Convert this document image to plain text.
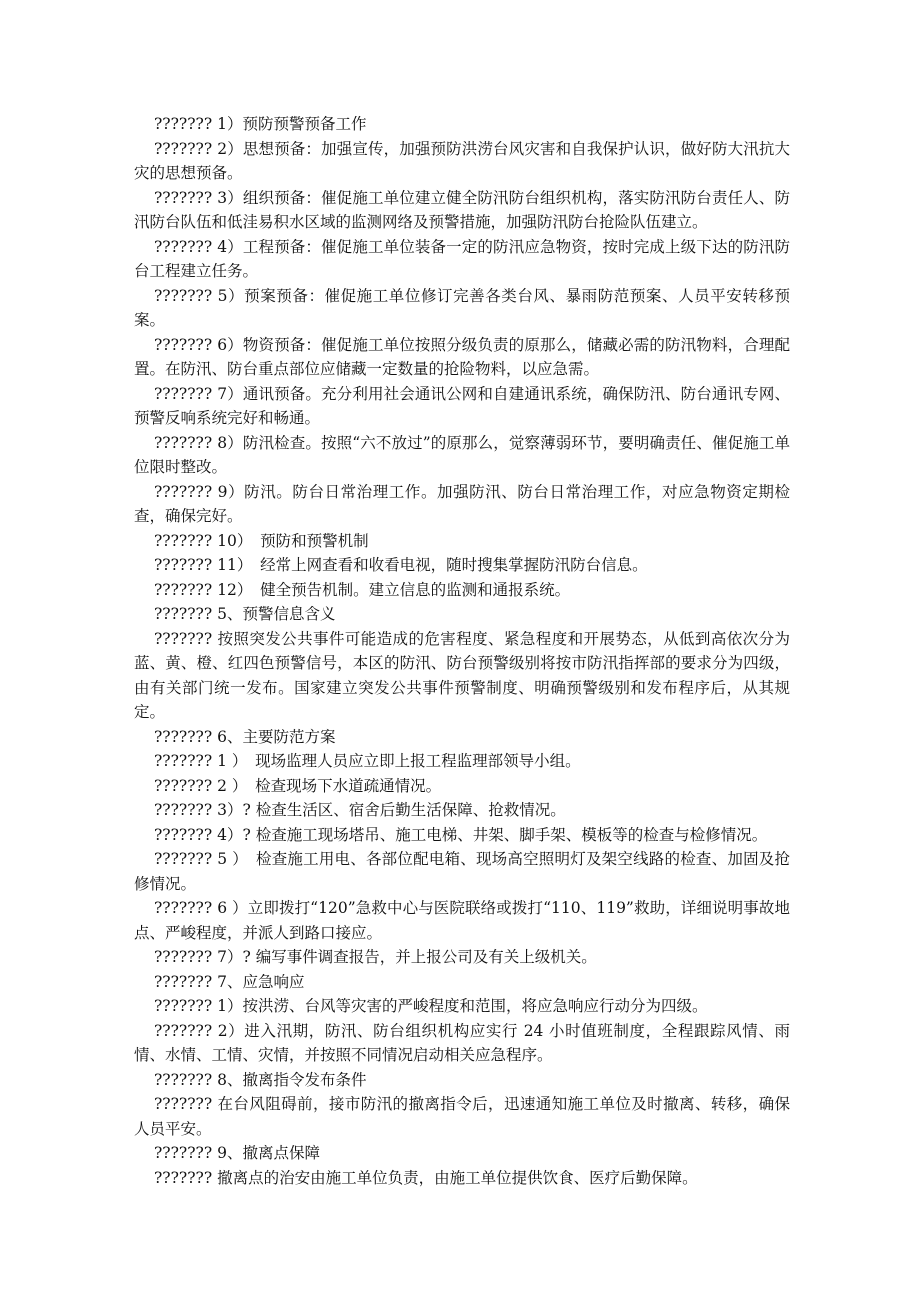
??????? 1）预防预警预备工作

??????? 2）思想预备：加强宣传，加强预防洪涝台风灾害和自我保护认识，做好防大汛抗大灾的思想预备。

??????? 3）组织预备：催促施工单位建立健全防汛防台组织机构，落实防汛防台责任人、防汛防台队伍和低洼易积水区域的监测网络及预警措施，加强防汛防台抢险队伍建立。

??????? 4）工程预备：催促施工单位装备一定的防汛应急物资，按时完成上级下达的防汛防台工程建立任务。

??????? 5）预案预备：催促施工单位修订完善各类台风、暴雨防范预案、人员平安转移预案。

??????? 6）物资预备：催促施工单位按照分级负责的原那么，储藏必需的防汛物料，合理配置。在防汛、防台重点部位应储藏一定数量的抢险物料，以应急需。

??????? 7）通讯预备。充分利用社会通讯公网和自建通讯系统，确保防汛、防台通讯专网、预警反响系统完好和畅通。

??????? 8）防汛检查。按照“六不放过”的原那么，觉察薄弱环节，要明确责任、催促施工单位限时整改。

??????? 9）防汛。防台日常治理工作。加强防汛、防台日常治理工作，对应急物资定期检查，确保完好。

??????? 10）　预防和预警机制

??????? 11）　经常上网查看和收看电视，随时搜集掌握防汛防台信息。

??????? 12）　健全预告机制。建立信息的监测和通报系统。

??????? 5、预警信息含义

??????? 按照突发公共事件可能造成的危害程度、紧急程度和开展势态，从低到高依次分为蓝、黄、橙、红四色预警信号，本区的防汛、防台预警级别将按市防汛指挥部的要求分为四级，由有关部门统一发布。国家建立突发公共事件预警制度、明确预警级别和发布程序后，从其规定。

??????? 6、主要防范方案

??????? 1 ）　现场监理人员应立即上报工程监理部领导小组。

??????? 2 ）　检查现场下水道疏通情况。

??????? 3）? 检查生活区、宿舍后勤生活保障、抢救情况。

??????? 4）? 检查施工现场塔吊、施工电梯、井架、脚手架、模板等的检查与检修情况。

??????? 5 ）　检查施工用电、各部位配电箱、现场高空照明灯及架空线路的检查、加固及抢修情况。

??????? 6 ）立即拨打“120”急救中心与医院联络或拨打“110、119”救助，详细说明事故地点、严峻程度，并派人到路口接应。

??????? 7）? 编写事件调查报告，并上报公司及有关上级机关。

??????? 7、应急响应

??????? 1）按洪涝、台风等灾害的严峻程度和范围，将应急响应行动分为四级。

??????? 2）进入汛期，防汛、防台组织机构应实行 24 小时值班制度，全程跟踪风情、雨情、水情、工情、灾情，并按照不同情况启动相关应急程序。

??????? 8、撤离指令发布条件

??????? 在台风阻碍前，接市防汛的撤离指令后，迅速通知施工单位及时撤离、转移，确保人员平安。

??????? 9、撤离点保障

??????? 撤离点的治安由施工单位负责，由施工单位提供饮食、医疗后勤保障。
